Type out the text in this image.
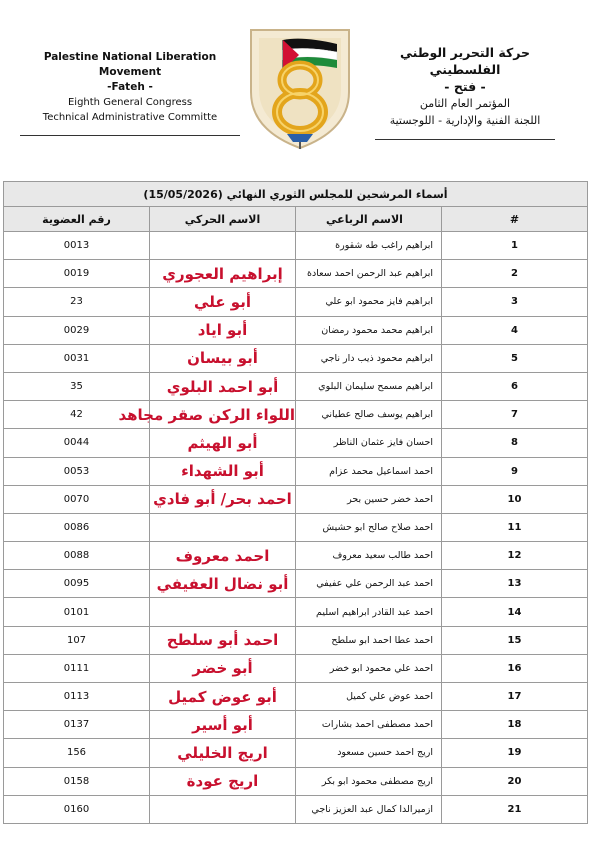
Palestine National Liberation Movement
-Fateh -
Eighth General Congress
Technical Administrative Committe
حركة التحرير الوطني الفلسطيني
- فتح -
المؤتمر العام الثامن
اللجنة الفنية والإدارية - اللوجستية
أسماء المرشحين للمجلس الثوري النهائي (15/05/2026)			
رقم العضوية	الاسم الحركي	الاسم الرباعي	#
0013		ابراهيم راغب طه شقورة	1
0019	إبراهيم العجوري	ابراهيم عبد الرحمن احمد سعادة	2
23	أبو علي	ابراهيم فايز محمود ابو علي	3
0029	أبو اياد	ابراهيم محمد محمود رمضان	4
0031	أبو بيسان	ابراهيم محمود ذيب دار ناجي	5
35	أبو احمد البلوي	ابراهيم مسمح سليمان البلوي	6
42	اللواء الركن صقر مجاهد	ابراهيم يوسف صالح عطياني	7
0044	أبو الهيثم	احسان فايز عثمان الناظر	8
0053	أبو الشهداء	احمد اسماعيل محمد عزام	9
0070	احمد بحر/ أبو فادي	احمد خضر حسين بحر	10
0086		احمد صلاح صالح ابو حشيش	11
0088	احمد معروف	احمد طالب سعيد معروف	12
0095	أبو نضال العفيفي	احمد عبد الرحمن علي عفيفي	13
0101		احمد عبد القادر ابراهيم اسليم	14
107	احمد أبو سلطح	احمد عطا احمد ابو سلطح	15
0111	أبو خضر	احمد علي محمود ابو خضر	16
0113	أبو عوض كميل	احمد عوض علي كميل	17
0137	أبو أسير	احمد مصطفى احمد بشارات	18
156	اريج الخليلي	اريج احمد حسين مسعود	19
0158	اريج عودة	اريج مصطفى محمود ابو بكر	20
0160		ازميرالدا كمال عبد العزيز ناجي	21
